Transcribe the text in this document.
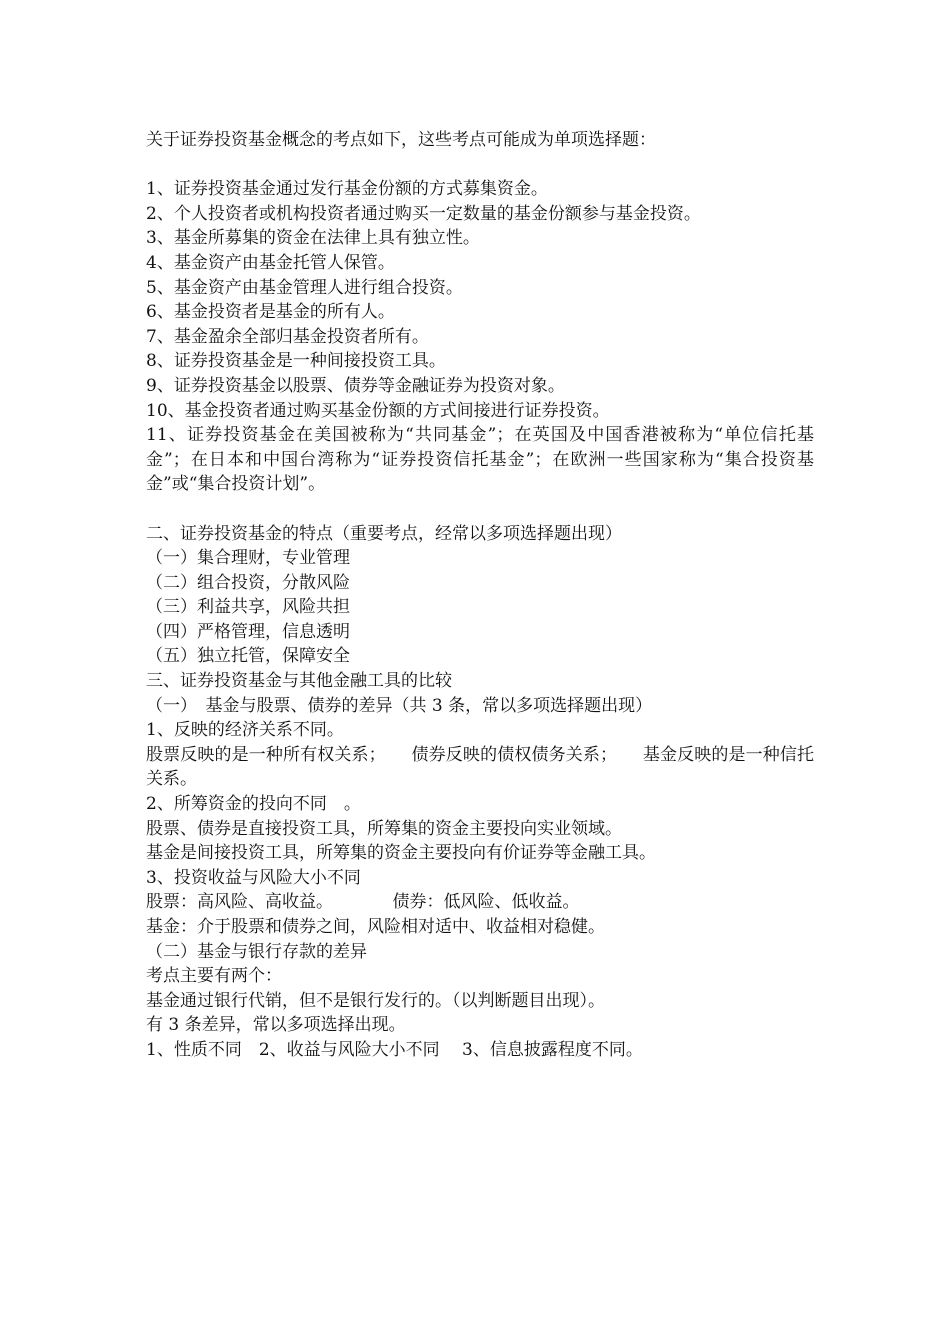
关于证券投资基金概念的考点如下，这些考点可能成为单项选择题：

1、证券投资基金通过发行基金份额的方式募集资金。

2、个人投资者或机构投资者通过购买一定数量的基金份额参与基金投资。

3、基金所募集的资金在法律上具有独立性。

4、基金资产由基金托管人保管。

5、基金资产由基金管理人进行组合投资。

6、基金投资者是基金的所有人。

7、基金盈余全部归基金投资者所有。

8、证券投资基金是一种间接投资工具。

9、证券投资基金以股票、债券等金融证券为投资对象。

10、基金投资者通过购买基金份额的方式间接进行证券投资。

11、证券投资基金在美国被称为“共同基金”；在英国及中国香港被称为“单位信托基金”；在日本和中国台湾称为“证券投资信托基金”；在欧洲一些国家称为“集合投资基金”或“集合投资计划”。

二、证券投资基金的特点（重要考点，经常以多项选择题出现）

（一）集合理财，专业管理

（二）组合投资，分散风险

（三）利益共享，风险共担

（四）严格管理，信息透明

（五）独立托管，保障安全

三、证券投资基金与其他金融工具的比较

（一）　基金与股票、债券的差异（共 3 条，常以多项选择题出现）

1、反映的经济关系不同。

股票反映的是一种所有权关系；　　债券反映的债权债务关系；　　基金反映的是一种信托关系。

2、所筹资金的投向不同　。

股票、债券是直接投资工具，所筹集的资金主要投向实业领域。

基金是间接投资工具，所筹集的资金主要投向有价证券等金融工具。

3、投资收益与风险大小不同

股票：高风险、高收益。　　　　债券：低风险、低收益。

基金：介于股票和债券之间，风险相对适中、收益相对稳健。

（二）基金与银行存款的差异

考点主要有两个：

基金通过银行代销，但不是银行发行的。（以判断题目出现）。

有 3 条差异，常以多项选择出现。

1、性质不同　2、收益与风险大小不同　 3、信息披露程度不同。
